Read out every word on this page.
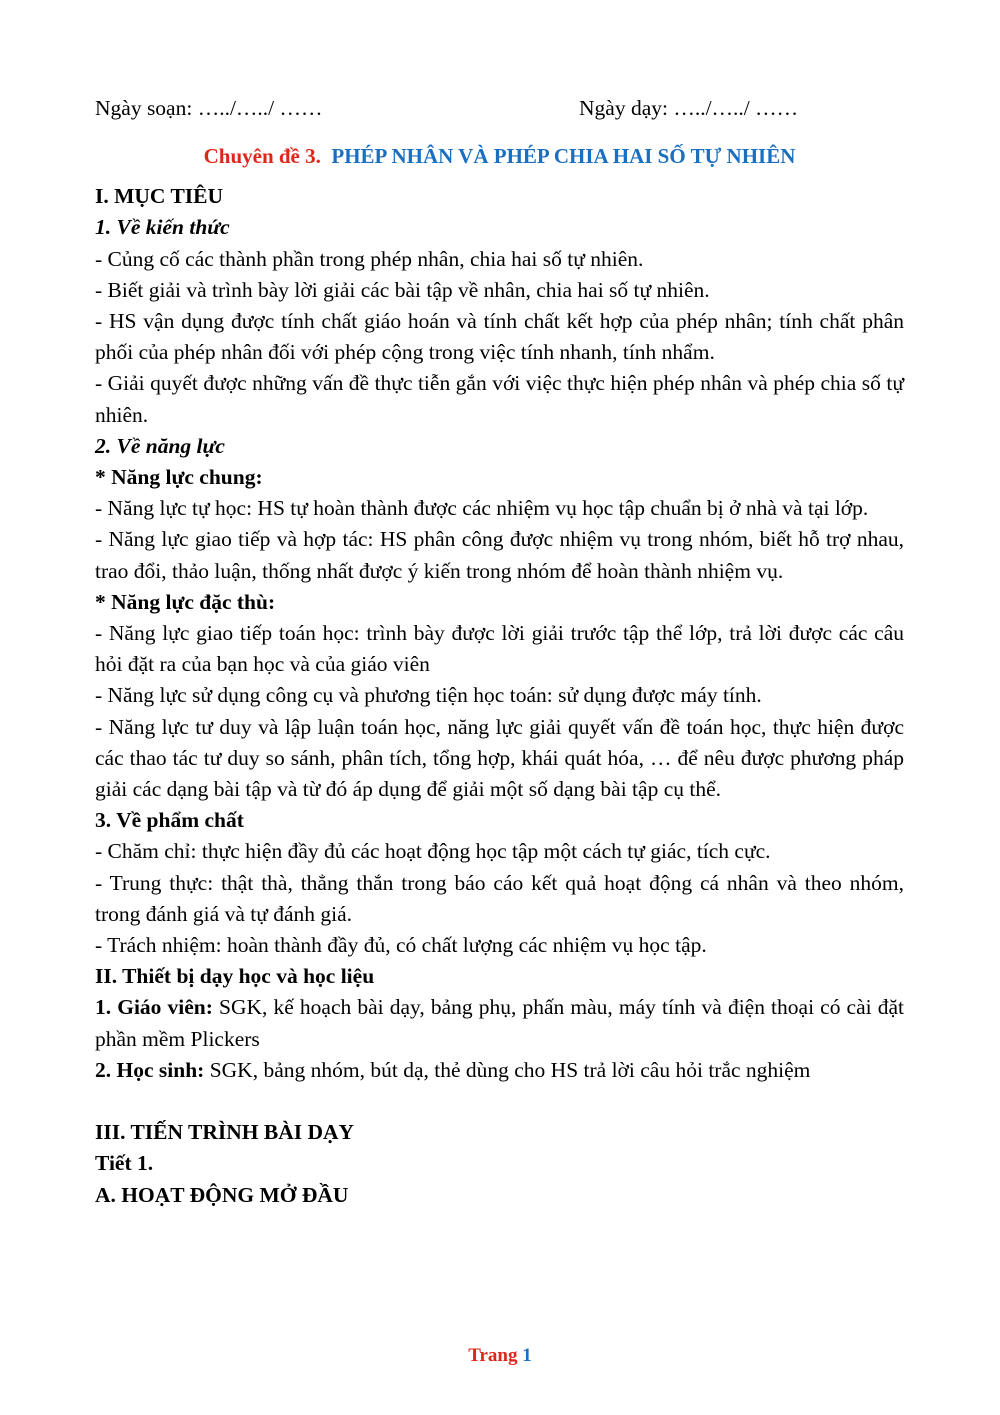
Ngày soạn: …../…../ ……	Ngày dạy: …../…../ ……
Chuyên đề 3. PHÉP NHÂN VÀ PHÉP CHIA HAI SỐ TỰ NHIÊN

I. MỤC TIÊU

1. Về kiến thức

- Củng cố các thành phần trong phép nhân, chia hai số tự nhiên.

- Biết giải và trình bày lời giải các bài tập về nhân, chia hai số tự nhiên.

- HS vận dụng được tính chất giáo hoán và tính chất kết hợp của phép nhân; tính chất phân phối của phép nhân đối với phép cộng trong việc tính nhanh, tính nhẩm.

- Giải quyết được những vấn đề thực tiễn gắn với việc thực hiện phép nhân và phép chia số tự nhiên.

2. Về năng lực

* Năng lực chung:

- Năng lực tự học: HS tự hoàn thành được các nhiệm vụ học tập chuẩn bị ở nhà và tại lớp.

- Năng lực giao tiếp và hợp tác: HS phân công được nhiệm vụ trong nhóm, biết hỗ trợ nhau, trao đổi, thảo luận, thống nhất được ý kiến trong nhóm để hoàn thành nhiệm vụ.

* Năng lực đặc thù:

- Năng lực giao tiếp toán học: trình bày được lời giải trước tập thể lớp, trả lời được các câu hỏi đặt ra của bạn học và của giáo viên

- Năng lực sử dụng công cụ và phương tiện học toán: sử dụng được máy tính.

- Năng lực tư duy và lập luận toán học, năng lực giải quyết vấn đề toán học, thực hiện được các thao tác tư duy so sánh, phân tích, tổng hợp, khái quát hóa, … để nêu được phương pháp giải các dạng bài tập và từ đó áp dụng để giải một số dạng bài tập cụ thể.

3. Về phẩm chất

- Chăm chỉ: thực hiện đầy đủ các hoạt động học tập một cách tự giác, tích cực.

- Trung thực: thật thà, thẳng thắn trong báo cáo kết quả hoạt động cá nhân và theo nhóm, trong đánh giá và tự đánh giá.

- Trách nhiệm: hoàn thành đầy đủ, có chất lượng các nhiệm vụ học tập.

II. Thiết bị dạy học và học liệu

1. Giáo viên: SGK, kế hoạch bài dạy, bảng phụ, phấn màu, máy tính và điện thoại có cài đặt phần mềm Plickers

2. Học sinh: SGK, bảng nhóm, bút dạ, thẻ dùng cho HS trả lời câu hỏi trắc nghiệm

III. TIẾN TRÌNH BÀI DẠY

Tiết 1.

A. HOẠT ĐỘNG MỞ ĐẦU

Trang 1
